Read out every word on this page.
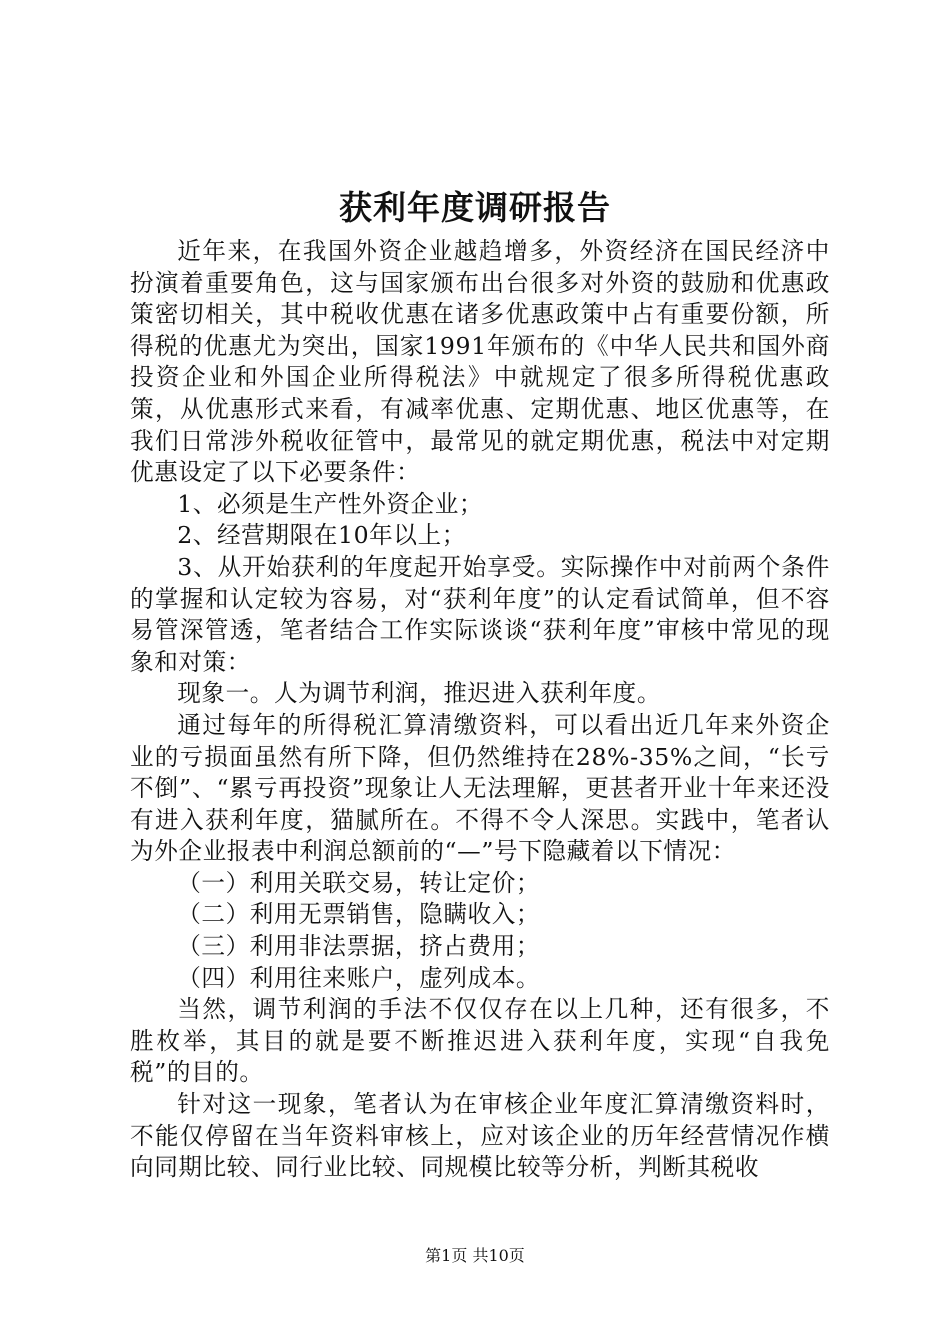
获利年度调研报告

近年来，在我国外资企业越趋增多，外资经济在国民经济中扮演着重要角色，这与国家颁布出台很多对外资的鼓励和优惠政策密切相关，其中税收优惠在诸多优惠政策中占有重要份额，所得税的优惠尤为突出，国家1991年颁布的《中华人民共和国外商投资企业和外国企业所得税法》中就规定了很多所得税优惠政策，从优惠形式来看，有减率优惠、定期优惠、地区优惠等，在我们日常涉外税收征管中，最常见的就定期优惠，税法中对定期优惠设定了以下必要条件：

1、必须是生产性外资企业；

2、经营期限在10年以上；

3、从开始获利的年度起开始享受。实际操作中对前两个条件的掌握和认定较为容易，对“获利年度”的认定看试简单，但不容易管深管透，笔者结合工作实际谈谈“获利年度”审核中常见的现象和对策：

现象一。人为调节利润，推迟进入获利年度。

通过每年的所得税汇算清缴资料，可以看出近几年来外资企业的亏损面虽然有所下降，但仍然维持在28%-35%之间，“长亏不倒”、“累亏再投资”现象让人无法理解，更甚者开业十年来还没有进入获利年度，猫腻所在。不得不令人深思。实践中，笔者认为外企业报表中利润总额前的“—”号下隐藏着以下情况：

（一）利用关联交易，转让定价；

（二）利用无票销售，隐瞒收入；

（三）利用非法票据，挤占费用；

（四）利用往来账户，虚列成本。

当然，调节利润的手法不仅仅存在以上几种，还有很多，不胜枚举，其目的就是要不断推迟进入获利年度，实现“自我免税”的目的。

针对这一现象，笔者认为在审核企业年度汇算清缴资料时，不能仅停留在当年资料审核上，应对该企业的历年经营情况作横向同期比较、同行业比较、同规模比较等分析，判断其税收

第1页 共10页
